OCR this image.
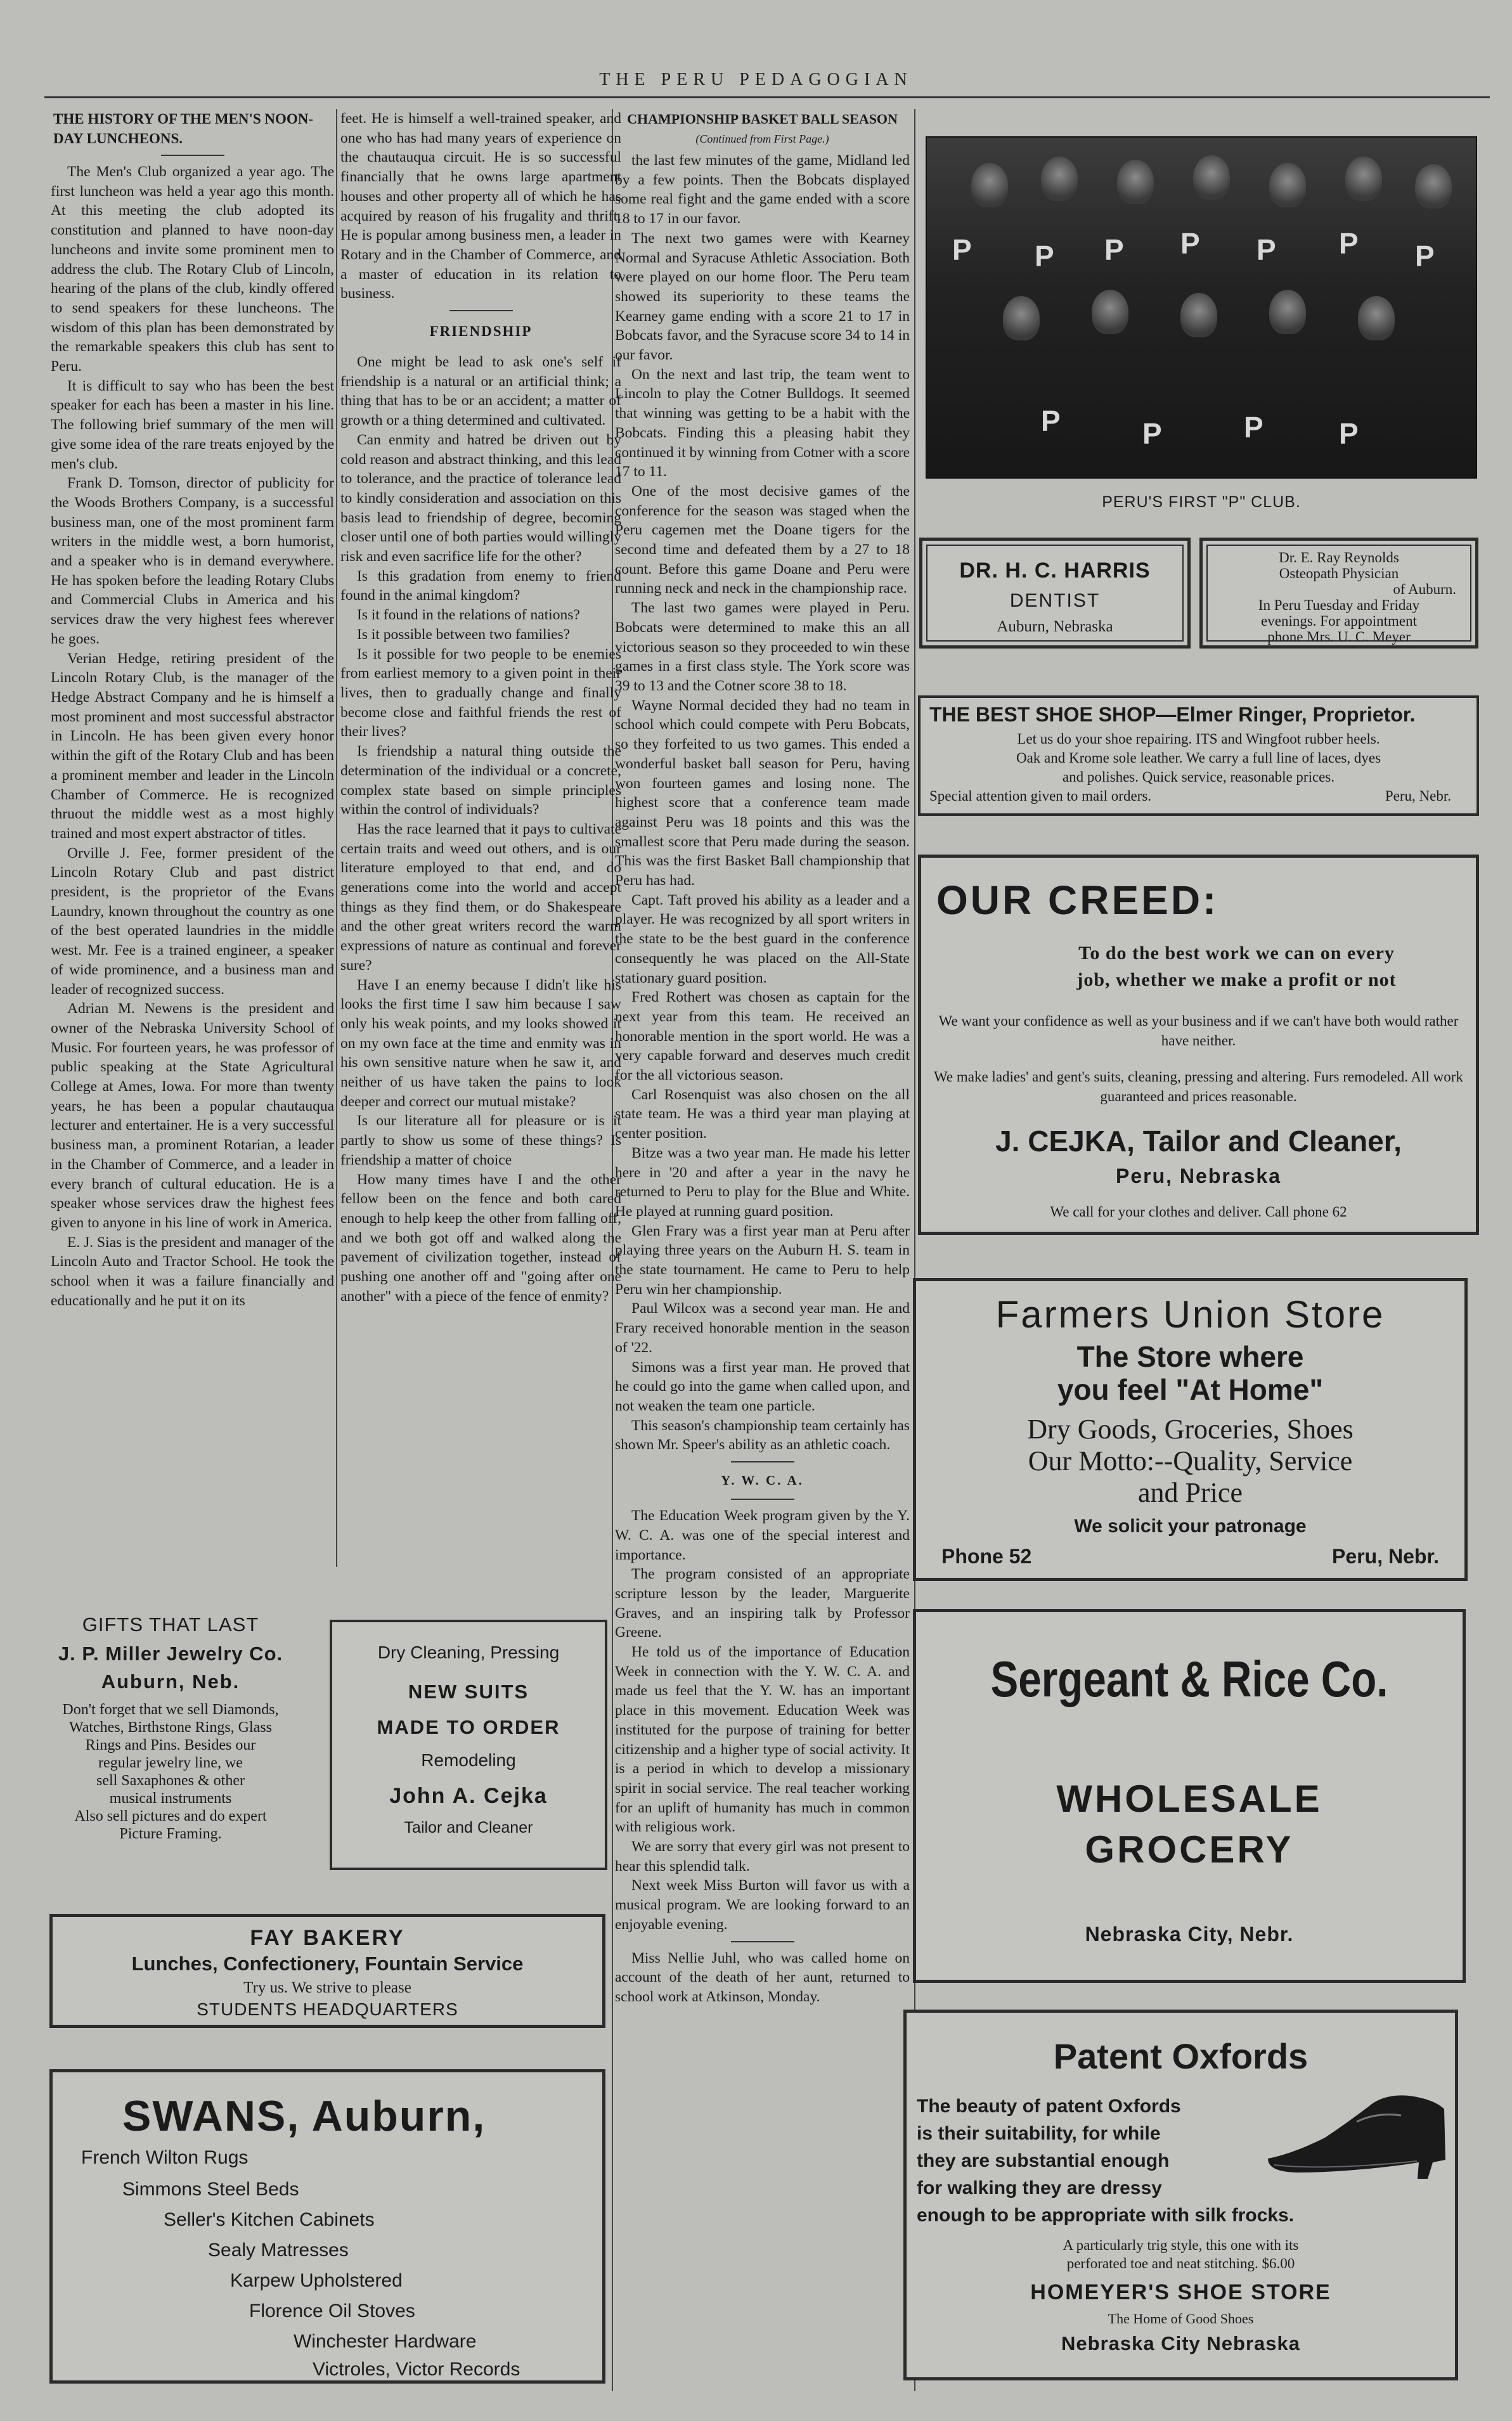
THE PERU PEDAGOGIAN
THE HISTORY OF THE MEN'S NOON-DAY LUNCHEONS.

The Men's Club organized a year ago. The first luncheon was held a year ago this month. At this meeting the club adopted its constitution and planned to have noon-day luncheons and invite some prominent men to address the club. The Rotary Club of Lincoln, hearing of the plans of the club, kindly offered to send speakers for these luncheons. The wisdom of this plan has been demonstrated by the remarkable speakers this club has sent to Peru.

It is difficult to say who has been the best speaker for each has been a master in his line. The following brief summary of the men will give some idea of the rare treats enjoyed by the men's club.

Frank D. Tomson, director of publicity for the Woods Brothers Company, is a successful business man, one of the most prominent farm writers in the middle west, a born humorist, and a speaker who is in demand everywhere. He has spoken before the leading Rotary Clubs and Commercial Clubs in America and his services draw the very highest fees wherever he goes.

Verian Hedge, retiring president of the Lincoln Rotary Club, is the manager of the Hedge Abstract Company and he is himself a most prominent and most successful abstractor in Lincoln. He has been given every honor within the gift of the Rotary Club and has been a prominent member and leader in the Lincoln Chamber of Commerce. He is recognized thruout the middle west as a most highly trained and most expert abstractor of titles.

Orville J. Fee, former president of the Lincoln Rotary Club and past district president, is the proprietor of the Evans Laundry, known throughout the country as one of the best operated laundries in the middle west. Mr. Fee is a trained engineer, a speaker of wide prominence, and a business man and leader of recognized success.

Adrian M. Newens is the president and owner of the Nebraska University School of Music. For fourteen years, he was professor of public speaking at the State Agricultural College at Ames, Iowa. For more than twenty years, he has been a popular chautauqua lecturer and entertainer. He is a very successful business man, a prominent Rotarian, a leader in the Chamber of Commerce, and a leader in every branch of cultural education. He is a speaker whose services draw the highest fees given to anyone in his line of work in America.

E. J. Sias is the president and manager of the Lincoln Auto and Tractor School. He took the school when it was a failure financially and educationally and he put it on its

feet. He is himself a well-trained speaker, and one who has had many years of experience on the chautauqua circuit. He is so successful financially that he owns large apartment houses and other property all of which he has acquired by reason of his frugality and thrift. He is popular among business men, a leader in Rotary and in the Chamber of Commerce, and a master of education in its relation to business.

FRIENDSHIP

One might be lead to ask one's self if friendship is a natural or an artificial think; a thing that has to be or an accident; a matter of growth or a thing determined and cultivated.

Can enmity and hatred be driven out by cold reason and abstract thinking, and this lead to tolerance, and the practice of tolerance lead to kindly consideration and association on this basis lead to friendship of degree, becoming closer until one of both parties would willingly risk and even sacrifice life for the other?

Is this gradation from enemy to friend found in the animal kingdom?

Is it found in the relations of nations?

Is it possible between two families?

Is it possible for two people to be enemies from earliest memory to a given point in their lives, then to gradually change and finally become close and faithful friends the rest of their lives?

Is friendship a natural thing outside the determination of the individual or a concrete, complex state based on simple principles within the control of individuals?

Has the race learned that it pays to cultivate certain traits and weed out others, and is our literature employed to that end, and do generations come into the world and accept things as they find them, or do Shakespeare and the other great writers record the warm expressions of nature as continual and forever sure?

Have I an enemy because I didn't like his looks the first time I saw him because I saw only his weak points, and my looks showed it on my own face at the time and enmity was in his own sensitive nature when he saw it, and neither of us have taken the pains to look deeper and correct our mutual mistake?

Is our literature all for pleasure or is it partly to show us some of these things? Is friendship a matter of choice

How many times have I and the other fellow been on the fence and both cared enough to help keep the other from falling off, and we both got off and walked along the pavement of civilization together, instead of pushing one another off and "going after one another" with a piece of the fence of enmity?

CHAMPIONSHIP BASKET BALL SEASON
(Continued from First Page.)

the last few minutes of the game, Midland led by a few points. Then the Bobcats displayed some real fight and the game ended with a score 18 to 17 in our favor.

The next two games were with Kearney Normal and Syracuse Athletic Association. Both were played on our home floor. The Peru team showed its superiority to these teams the Kearney game ending with a score 21 to 17 in Bobcats favor, and the Syracuse score 34 to 14 in our favor.

On the next and last trip, the team went to Lincoln to play the Cotner Bulldogs. It seemed that winning was getting to be a habit with the Bobcats. Finding this a pleasing habit they continued it by winning from Cotner with a score 17 to 11.

One of the most decisive games of the conference for the season was staged when the Peru cagemen met the Doane tigers for the second time and defeated them by a 27 to 18 count. Before this game Doane and Peru were running neck and neck in the championship race.

The last two games were played in Peru. Bobcats were determined to make this an all victorious season so they proceeded to win these games in a first class style. The York score was 39 to 13 and the Cotner score 38 to 18.

Wayne Normal decided they had no team in school which could compete with Peru Bobcats, so they forfeited to us two games. This ended a wonderful basket ball season for Peru, having won fourteen games and losing none. The highest score that a conference team made against Peru was 18 points and this was the smallest score that Peru made during the season. This was the first Basket Ball championship that Peru has had.

Capt. Taft proved his ability as a leader and a player. He was recognized by all sport writers in the state to be the best guard in the conference consequently he was placed on the All-State stationary guard position.

Fred Rothert was chosen as captain for the next year from this team. He received an honorable mention in the sport world. He was a very capable forward and deserves much credit for the all victorious season.

Carl Rosenquist was also chosen on the all state team. He was a third year man playing at center position.

Bitze was a two year man. He made his letter here in '20 and after a year in the navy he returned to Peru to play for the Blue and White. He played at running guard position.

Glen Frary was a first year man at Peru after playing three years on the Auburn H. S. team in the state tournament. He came to Peru to help Peru win her championship.

Paul Wilcox was a second year man. He and Frary received honorable mention in the season of '22.

Simons was a first year man. He proved that he could go into the game when called upon, and not weaken the team one particle.

This season's championship team certainly has shown Mr. Speer's ability as an athletic coach.

Y. W. C. A.

The Education Week program given by the Y. W. C. A. was one of the special interest and importance.

The program consisted of an appropriate scripture lesson by the leader, Marguerite Graves, and an inspiring talk by Professor Greene.

He told us of the importance of Education Week in connection with the Y. W. C. A. and made us feel that the Y. W. has an important place in this movement. Education Week was instituted for the purpose of training for better citizenship and a higher type of social activity. It is a period in which to develop a missionary spirit in social service. The real teacher working for an uplift of humanity has much in common with religious work.

We are sorry that every girl was not present to hear this splendid talk.

Next week Miss Burton will favor us with a musical program. We are looking forward to an enjoyable evening.

Miss Nellie Juhl, who was called home on account of the death of her aunt, returned to school work at Atkinson, Monday.

P P P P P P P
P	P	P	P
PERU'S FIRST "P" CLUB.
DR. H. C. HARRIS
DENTIST
Auburn, Nebraska
Dr. E. Ray Reynolds
Osteopath Physician
of Auburn.
In Peru Tuesday and Friday
evenings. For appointment
phone Mrs. U. C. Meyer
THE BEST SHOE SHOP—Elmer Ringer, Proprietor.
Let us do your shoe repairing. ITS and Wingfoot rubber heels.
Oak and Krome sole leather. We carry a full line of laces, dyes
and polishes. Quick service, reasonable prices.
Special attention given to mail orders.	Peru, Nebr.
OUR CREED:
To do the best work we can on every
job, whether we make a profit or not
We want your confidence as well as your business and if we can't have both would rather have neither.
We make ladies' and gent's suits, cleaning, pressing and altering. Furs remodeled. All work guaranteed and prices reasonable.
J. CEJKA, Tailor and Cleaner,
Peru, Nebraska
We call for your clothes and deliver. Call phone 62
Farmers Union Store
The Store where
you feel "At Home"
Dry Goods, Groceries, Shoes
Our Motto:--Quality, Service
and Price
We solicit your patronage
Phone 52	Peru, Nebr.
Sergeant & Rice Co.
WHOLESALE
GROCERY
Nebraska City, Nebr.
Patent Oxfords
The beauty of patent Oxfords
is their suitability, for while
they are substantial enough
for walking they are dressy
enough to be appropriate with silk frocks.
A particularly trig style, this one with its
perforated toe and neat stitching. $6.00
HOMEYER'S SHOE STORE
The Home of Good Shoes
Nebraska City Nebraska
GIFTS THAT LAST
J. P. Miller Jewelry Co.
Auburn, Neb.
Don't forget that we sell Diamonds,
Watches, Birthstone Rings, Glass
Rings and Pins. Besides our
regular jewelry line, we
sell Saxaphones & other
musical instruments
Also sell pictures and do expert
Picture Framing.
Dry Cleaning, Pressing
NEW SUITS
MADE TO ORDER
Remodeling
John A. Cejka
Tailor and Cleaner
FAY BAKERY
Lunches, Confectionery, Fountain Service
Try us. We strive to please
STUDENTS HEADQUARTERS
SWANS, Auburn,
French Wilton Rugs
Simmons Steel Beds
Seller's Kitchen Cabinets
Sealy Matresses
Karpew Upholstered
Florence Oil Stoves
Winchester Hardware
Victroles, Victor Records
